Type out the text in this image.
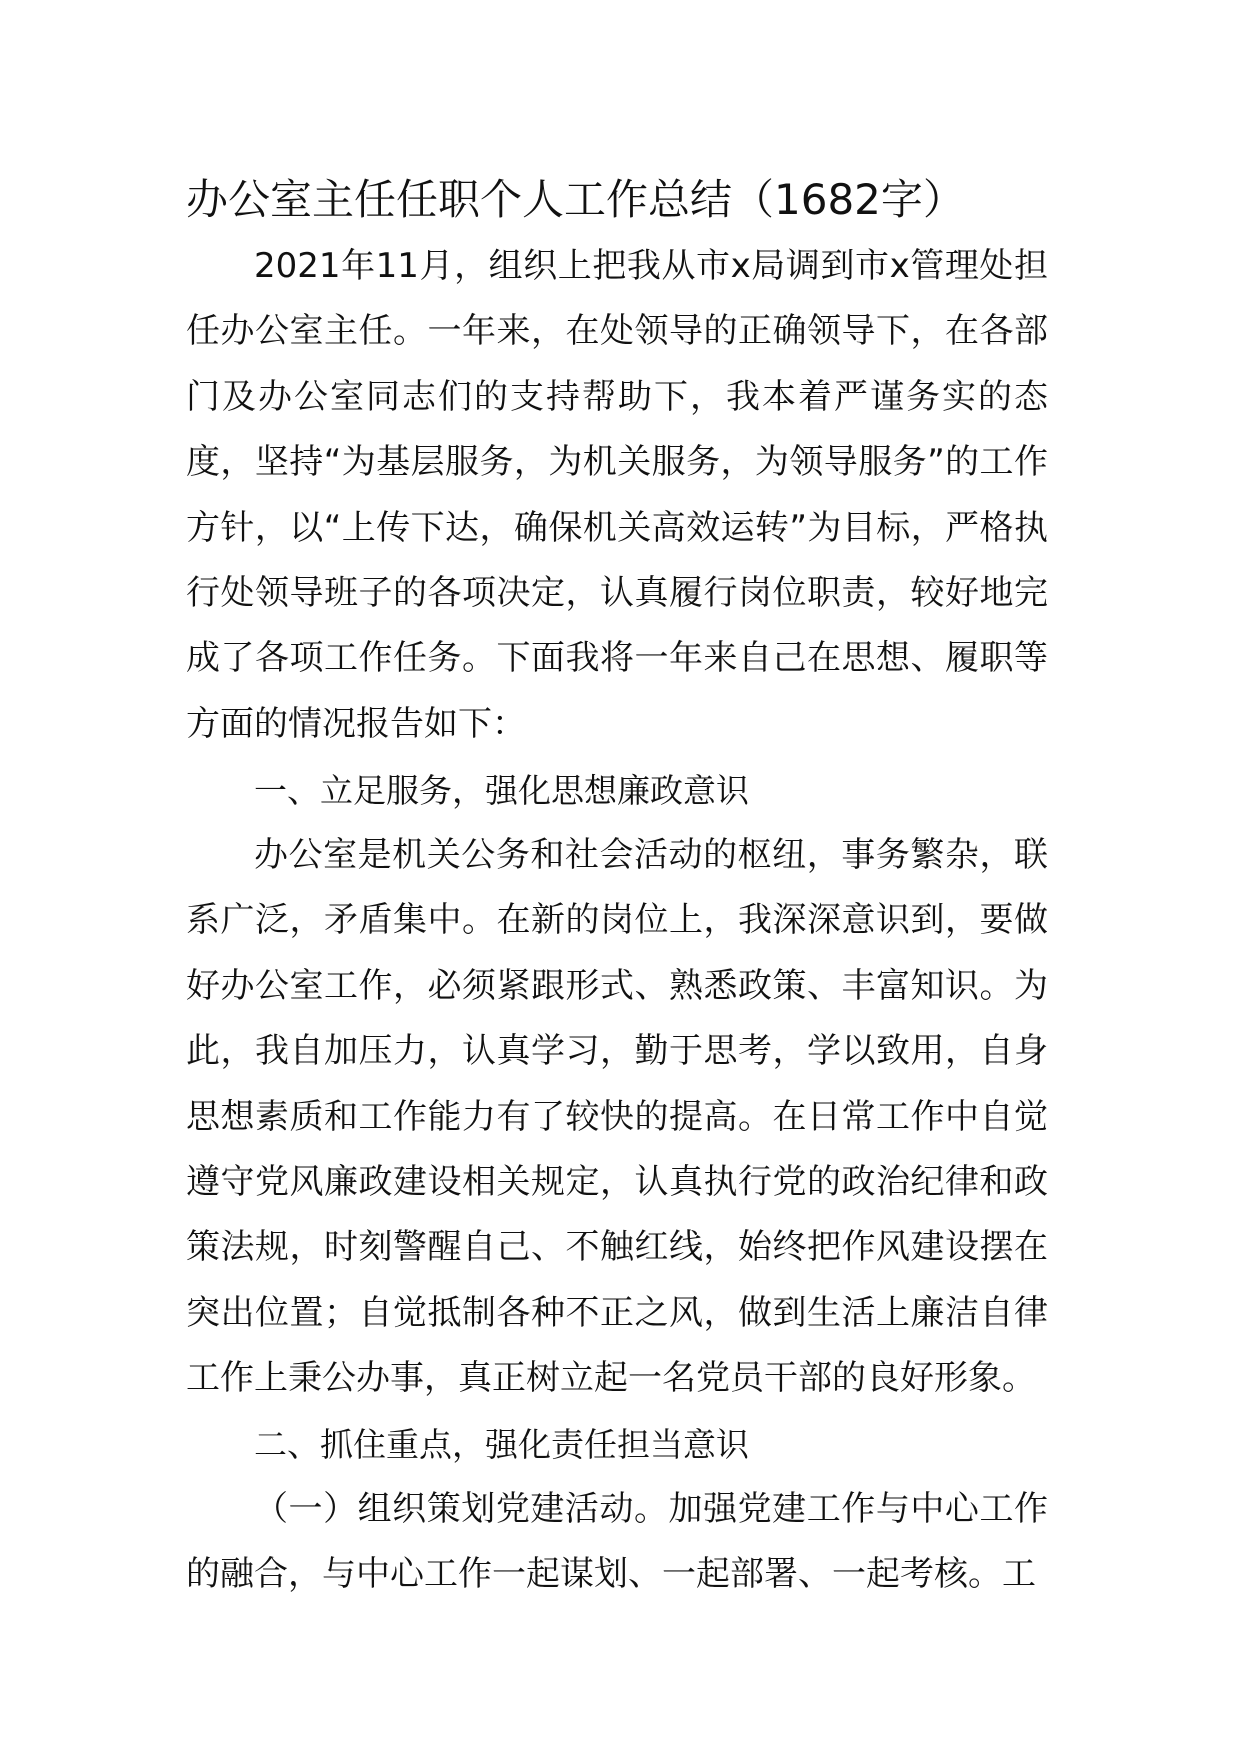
办公室主任任职个人工作总结（1682字）

2021年11月，组织上把我从市x局调到市x管理处担任办公室主任。一年来，在处领导的正确领导下，在各部门及办公室同志们的支持帮助下，我本着严谨务实的态度，坚持“为基层服务，为机关服务，为领导服务”的工作方针，以“上传下达，确保机关高效运转”为目标，严格执行处领导班子的各项决定，认真履行岗位职责，较好地完成了各项工作任务。下面我将一年来自己在思想、履职等方面的情况报告如下：

一、立足服务，强化思想廉政意识

办公室是机关公务和社会活动的枢纽，事务繁杂，联系广泛，矛盾集中。在新的岗位上，我深深意识到，要做好办公室工作，必须紧跟形式、熟悉政策、丰富知识。为此，我自加压力，认真学习，勤于思考，学以致用，自身思想素质和工作能力有了较快的提高。在日常工作中自觉遵守党风廉政建设相关规定，认真执行党的政治纪律和政策法规，时刻警醒自己、不触红线，始终把作风建设摆在突出位置；自觉抵制各种不正之风，做到生活上廉洁自律工作上秉公办事，真正树立起一名党员干部的良好形象。

二、抓住重点，强化责任担当意识

（一）组织策划党建活动。加强党建工作与中心工作的融合，与中心工作一起谋划、一起部署、一起考核。工
